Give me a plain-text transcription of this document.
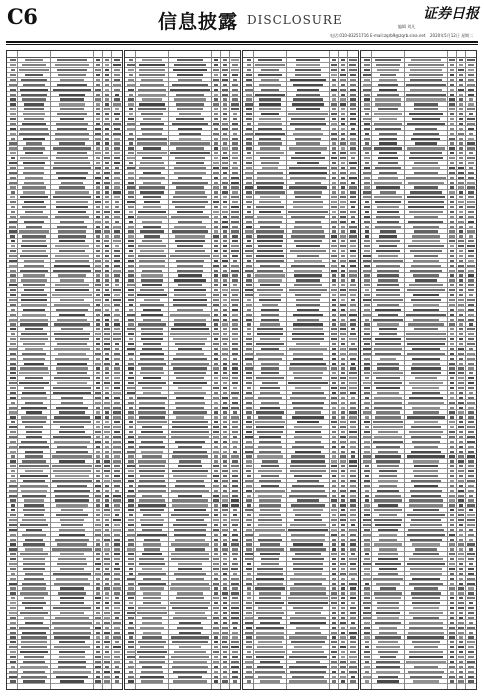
C6	信息披露 DISCLOSURE	证券日报
编辑 刘凡
电话:010-83251716 E-mail:zqrb9@zqrb.sina.net 2020年5月12日 星期二
